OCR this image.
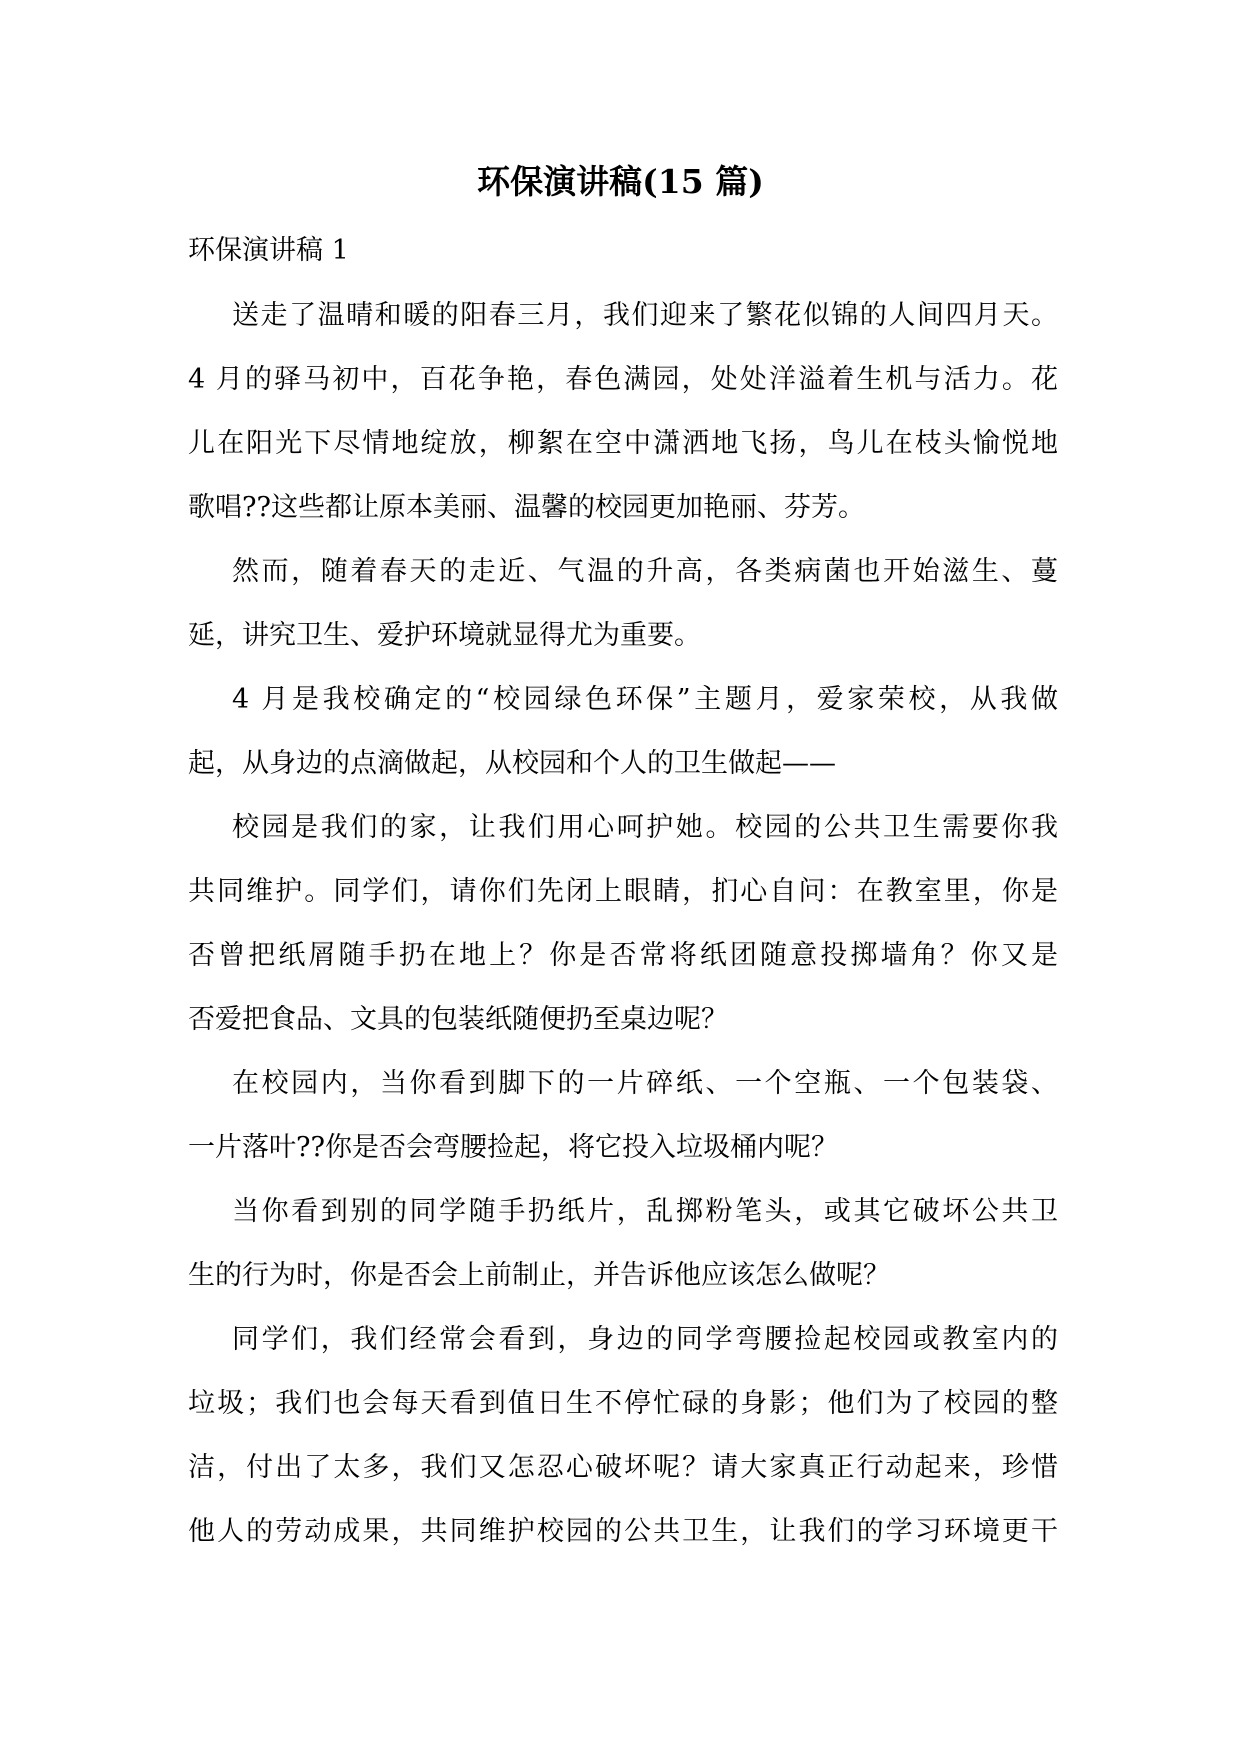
环保演讲稿(15 篇)
环保演讲稿 1
送走了温晴和暖的阳春三月，我们迎来了繁花似锦的人间四月天。
4 月的驿马初中，百花争艳，春色满园，处处洋溢着生机与活力。花
儿在阳光下尽情地绽放，柳絮在空中潇洒地飞扬，鸟儿在枝头愉悦地
歌唱??这些都让原本美丽、温馨的校园更加艳丽、芬芳。
然而，随着春天的走近、气温的升高，各类病菌也开始滋生、蔓
延，讲究卫生、爱护环境就显得尤为重要。
4 月是我校确定的“校园绿色环保”主题月，爱家荣校，从我做
起，从身边的点滴做起，从校园和个人的卫生做起——
校园是我们的家，让我们用心呵护她。校园的公共卫生需要你我
共同维护。同学们，请你们先闭上眼睛，扪心自问：在教室里，你是
否曾把纸屑随手扔在地上？你是否常将纸团随意投掷墙角？你又是
否爱把食品、文具的包装纸随便扔至桌边呢？
在校园内，当你看到脚下的一片碎纸、一个空瓶、一个包装袋、
一片落叶??你是否会弯腰捡起，将它投入垃圾桶内呢？
当你看到别的同学随手扔纸片，乱掷粉笔头，或其它破坏公共卫
生的行为时，你是否会上前制止，并告诉他应该怎么做呢？
同学们，我们经常会看到，身边的同学弯腰捡起校园或教室内的
垃圾；我们也会每天看到值日生不停忙碌的身影；他们为了校园的整
洁，付出了太多，我们又怎忍心破坏呢？请大家真正行动起来，珍惜
他人的劳动成果，共同维护校园的公共卫生，让我们的学习环境更干
